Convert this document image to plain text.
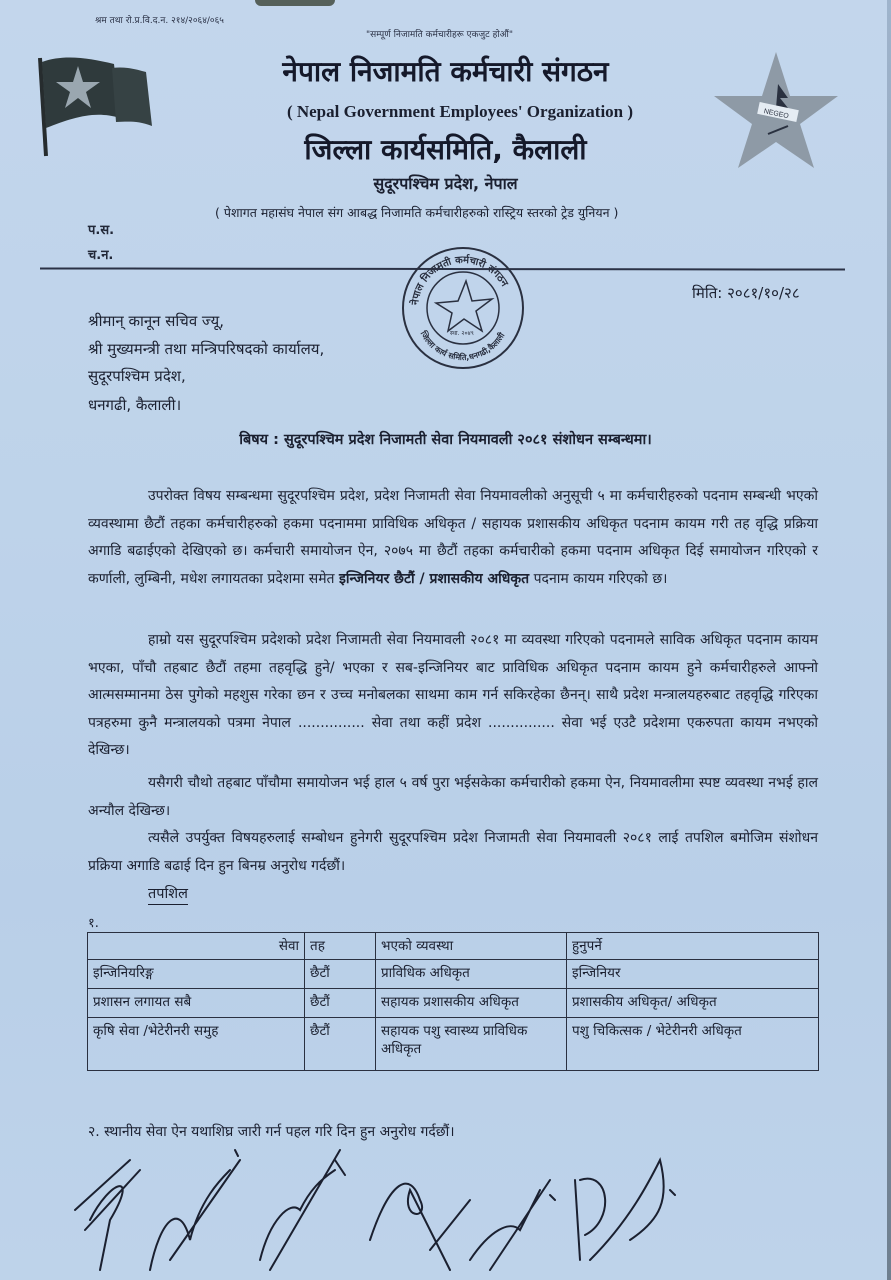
श्रम तथा रो.प्र.वि.द.न. २१४/२०६४/०६५
"सम्पूर्ण निजामति कर्मचारीहरू एकजुट होऔं"
NEGEO
नेपाल निजामति कर्मचारी संगठन
( Nepal Government Employees' Organization )
जिल्ला कार्यसमिति, कैलाली
सुदूरपश्चिम प्रदेश, नेपाल
( पेशागत महासंघ नेपाल संग आबद्ध निजामति कर्मचारीहरुको रास्ट्रिय स्तरको ट्रेड युनियन )
प.स.
च.न.
नेपाल निजामती कर्मचारी संगठन
जिल्ला कार्य समिति,धनगढी,कैलाली
स्था. २०४९
मिति: २०८१/१०/२८
श्रीमान् कानून सचिव ज्यू,
श्री मुख्यमन्त्री तथा मन्त्रिपरिषदको कार्यालय,
सुदूरपश्चिम प्रदेश,
धनगढी, कैलाली।
बिषय : सुदूरपश्चिम प्रदेश निजामती सेवा नियमावली २०८१ संशोधन सम्बन्धमा।
उपरोक्त विषय सम्बन्धमा सुदूरपश्चिम प्रदेश, प्रदेश निजामती सेवा नियमावलीको अनुसूची ५ मा कर्मचारीहरुको पदनाम सम्बन्धी भएको व्यवस्थामा छैटौं तहका कर्मचारीहरुको हकमा पदनाममा प्राविधिक अधिकृत / सहायक प्रशासकीय अधिकृत पदनाम कायम गरी तह वृद्धि प्रक्रिया अगाडि बढाईएको देखिएको छ। कर्मचारी समायोजन ऐन, २०७५ मा छैटौं तहका कर्मचारीको हकमा पदनाम अधिकृत दिई समायोजन गरिएको र कर्णाली, लुम्बिनी, मधेश लगायतका प्रदेशमा समेत इन्जिनियर छैटौं / प्रशासकीय अधिकृत पदनाम कायम गरिएको छ।
हाम्रो यस सुदूरपश्चिम प्रदेशको प्रदेश निजामती सेवा नियमावली २०८१ मा व्यवस्था गरिएको पदनामले साविक अधिकृत पदनाम कायम भएका, पाँचौ तहबाट छैटौं तहमा तहवृद्धि हुने/ भएका र सब-इन्जिनियर बाट प्राविधिक अधिकृत पदनाम कायम हुने कर्मचारीहरुले आफ्नो आत्मसम्मानमा ठेस पुगेको महशुस गरेका छन र उच्च मनोबलका साथमा काम गर्न सकिरहेका छैनन्। साथै प्रदेश मन्त्रालयहरुबाट तहवृद्धि गरिएका पत्रहरुमा कुनै मन्त्रालयको पत्रमा नेपाल ............... सेवा तथा कहीं प्रदेश ............... सेवा भई एउटै प्रदेशमा एकरुपता कायम नभएको देखिन्छ।
यसैगरी चौथो तहबाट पाँचौमा समायोजन भई हाल ५ वर्ष पुरा भईसकेका कर्मचारीको हकमा ऐन, नियमावलीमा स्पष्ट व्यवस्था नभई हाल अन्यौल देखिन्छ।
त्यसैले उपर्युक्त विषयहरुलाई सम्बोधन हुनेगरी सुदूरपश्चिम प्रदेश निजामती सेवा नियमावली २०८१ लाई तपशिल बमोजिम संशोधन प्रक्रिया अगाडि बढाई दिन हुन बिनम्र अनुरोध गर्दछौं।
तपशिल
१.
सेवा	तह	भएको व्यवस्था	हुनुपर्ने
इन्जिनियरिङ्ग	छैटौं	प्राविधिक अधिकृत	इन्जिनियर
प्रशासन लगायत सबै	छैटौं	सहायक प्रशासकीय अधिकृत	प्रशासकीय अधिकृत/ अधिकृत
कृषि सेवा /भेटेरीनरी समुह	छैटौं	सहायक पशु स्वास्थ्य प्राविधिक अधिकृत	पशु चिकित्सक / भेटेरीनरी अधिकृत
२. स्थानीय सेवा ऐन यथाशिघ्र जारी गर्न पहल गरि दिन हुन अनुरोध गर्दछौं।
